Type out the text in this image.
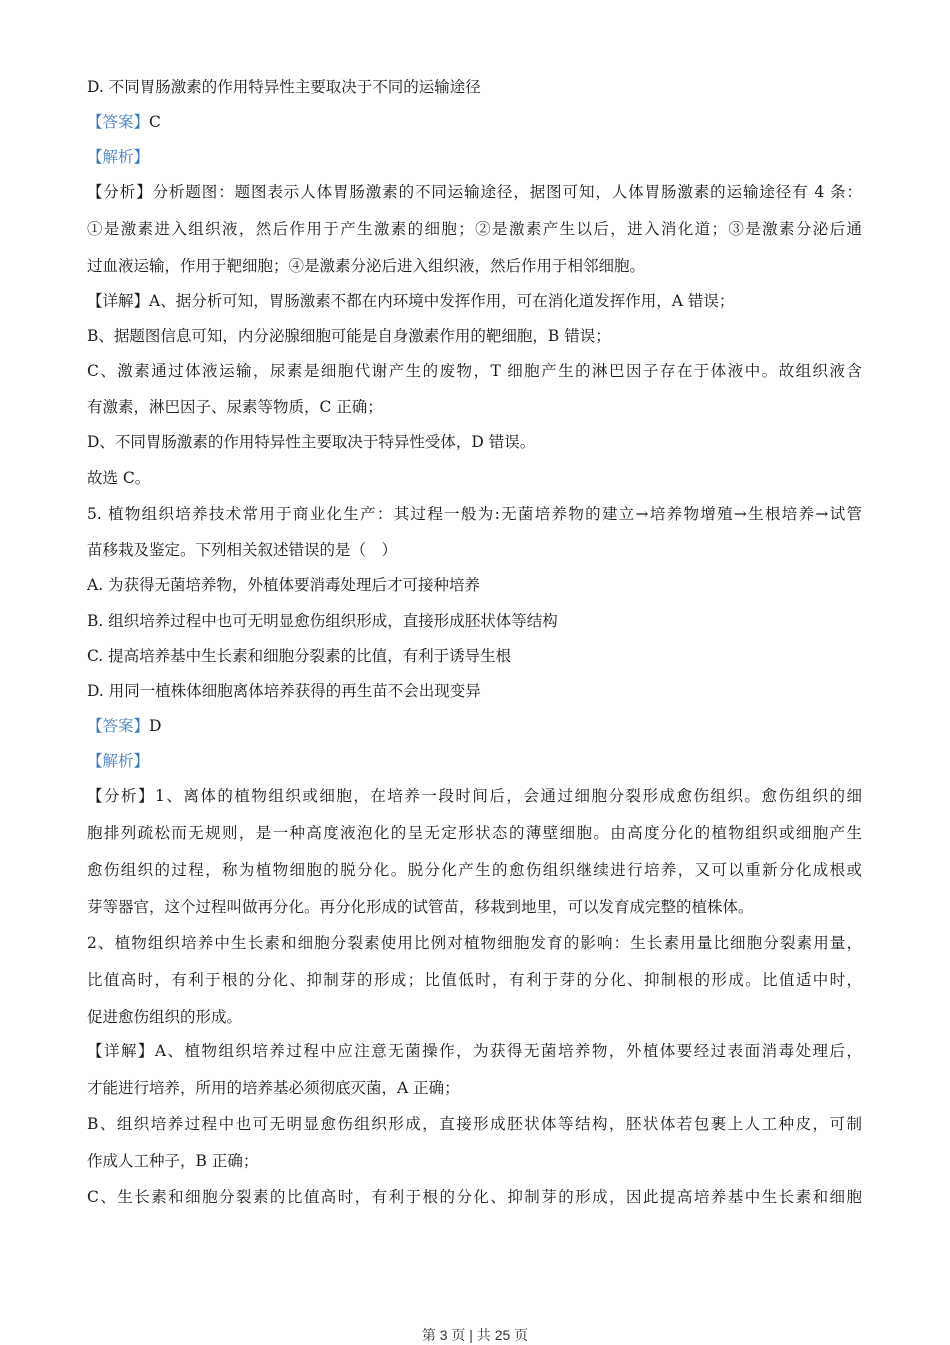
D. 不同胃肠激素的作用特异性主要取决于不同的运输途径
【答案】C
【解析】
【分析】分析题图：题图表示人体胃肠激素的不同运输途径，据图可知，人体胃肠激素的运输途径有 4 条：
①是激素进入组织液，然后作用于产生激素的细胞；②是激素产生以后，进入消化道；③是激素分泌后通
过血液运输，作用于靶细胞；④是激素分泌后进入组织液，然后作用于相邻细胞。
【详解】A、据分析可知，胃肠激素不都在内环境中发挥作用，可在消化道发挥作用，A 错误；
B、据题图信息可知，内分泌腺细胞可能是自身激素作用的靶细胞，B 错误；
C、激素通过体液运输，尿素是细胞代谢产生的废物，T 细胞产生的淋巴因子存在于体液中。故组织液含
有激素，淋巴因子、尿素等物质，C 正确；
D、不同胃肠激素的作用特异性主要取决于特异性受体，D 错误。
故选 C。
5. 植物组织培养技术常用于商业化生产：其过程一般为:无菌培养物的建立→培养物增殖→生根培养→试管
苗移栽及鉴定。下列相关叙述错误的是（　）
A. 为获得无菌培养物，外植体要消毒处理后才可接种培养
B. 组织培养过程中也可无明显愈伤组织形成，直接形成胚状体等结构
C. 提高培养基中生长素和细胞分裂素的比值，有利于诱导生根
D. 用同一植株体细胞离体培养获得的再生苗不会出现变异
【答案】D
【解析】
【分析】1、离体的植物组织或细胞，在培养一段时间后，会通过细胞分裂形成愈伤组织。愈伤组织的细
胞排列疏松而无规则，是一种高度液泡化的呈无定形状态的薄壁细胞。由高度分化的植物组织或细胞产生
愈伤组织的过程，称为植物细胞的脱分化。脱分化产生的愈伤组织继续进行培养，又可以重新分化成根或
芽等器官，这个过程叫做再分化。再分化形成的试管苗，移栽到地里，可以发育成完整的植株体。
2、植物组织培养中生长素和细胞分裂素使用比例对植物细胞发育的影响：生长素用量比细胞分裂素用量，
比值高时，有利于根的分化、抑制芽的形成；比值低时，有利于芽的分化、抑制根的形成。比值适中时，
促进愈伤组织的形成。
【详解】A、植物组织培养过程中应注意无菌操作，为获得无菌培养物，外植体要经过表面消毒处理后，
才能进行培养，所用的培养基必须彻底灭菌，A 正确；
B、组织培养过程中也可无明显愈伤组织形成，直接形成胚状体等结构，胚状体若包裹上人工种皮，可制
作成人工种子，B 正确；
C、生长素和细胞分裂素的比值高时，有利于根的分化、抑制芽的形成，因此提高培养基中生长素和细胞
第 3 页 | 共 25 页
